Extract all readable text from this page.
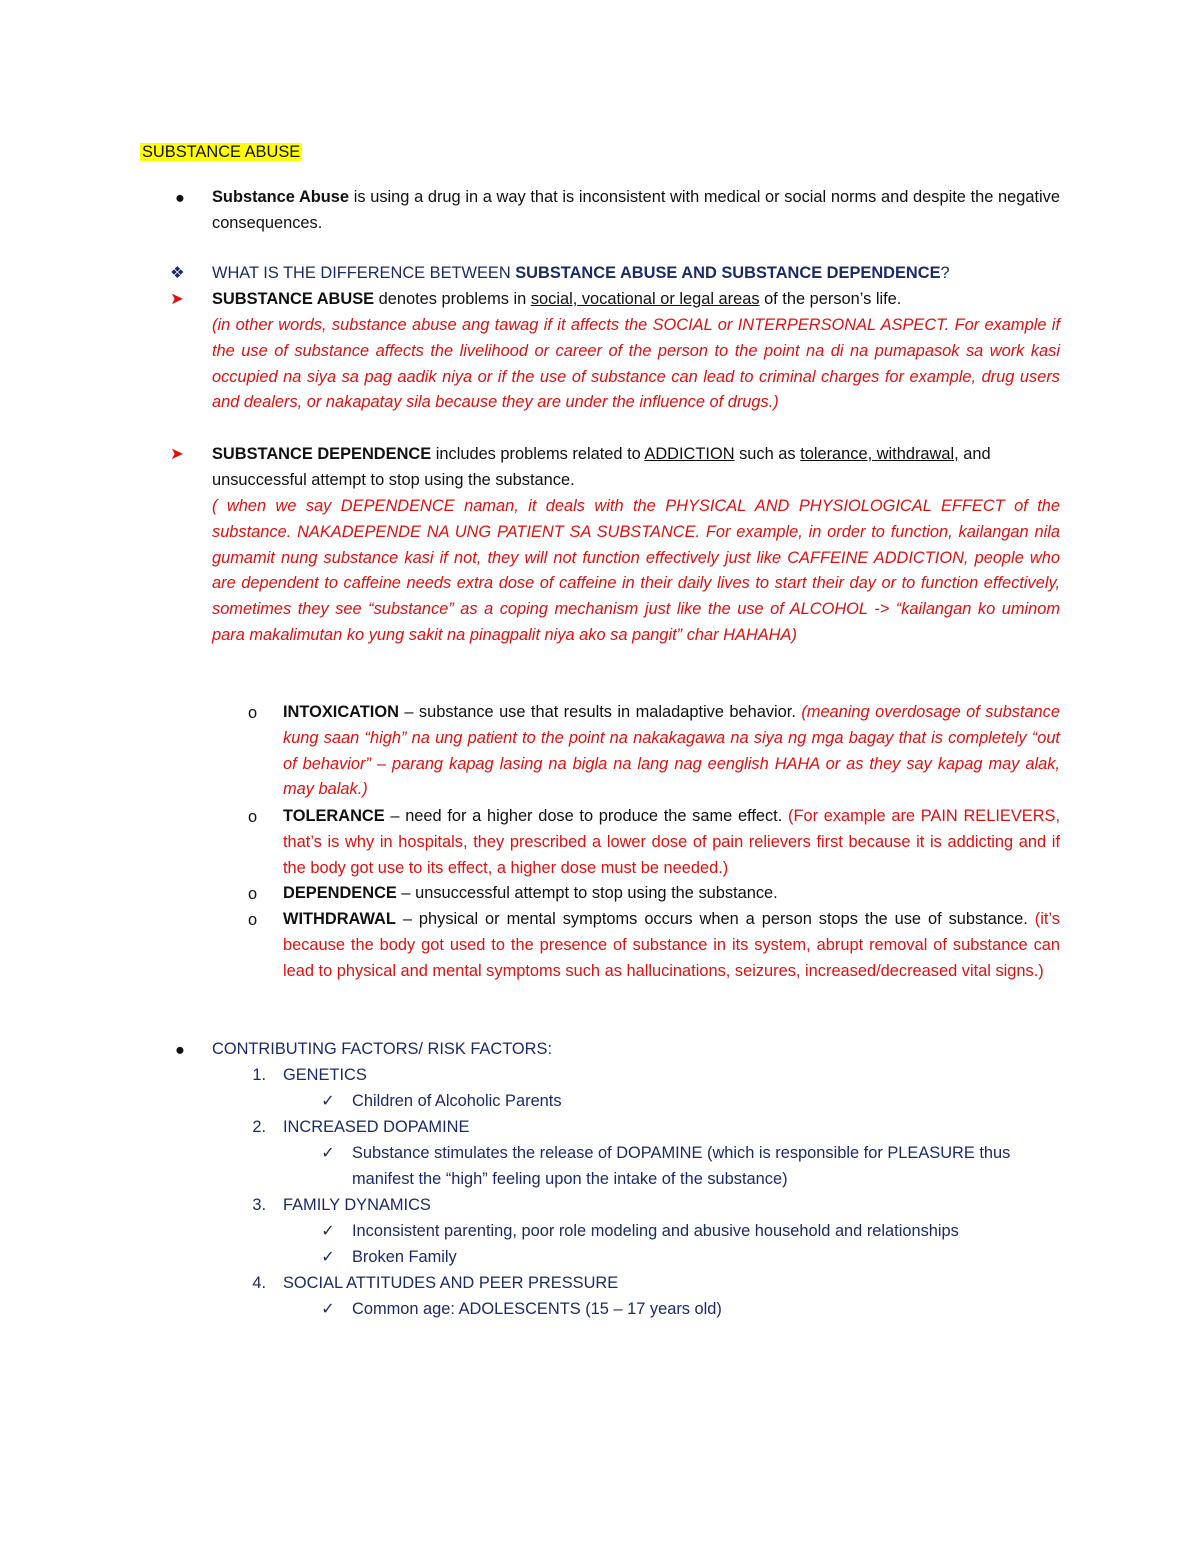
SUBSTANCE ABUSE
●	Substance Abuse is using a drug in a way that is inconsistent with medical or social norms and despite the negative consequences.
❖ WHAT IS THE DIFFERENCE BETWEEN SUBSTANCE ABUSE AND SUBSTANCE DEPENDENCE?
➤ SUBSTANCE ABUSE denotes problems in social, vocational or legal areas of the person’s life.
(in other words, substance abuse ang tawag if it affects the SOCIAL or INTERPERSONAL ASPECT. For example if the use of substance affects the livelihood or career of the person to the point na di na pumapasok sa work kasi occupied na siya sa pag aadik niya or if the use of substance can lead to criminal charges for example, drug users and dealers, or nakapatay sila because they are under the influence of drugs.)
➤ SUBSTANCE DEPENDENCE includes problems related to ADDICTION such as tolerance, withdrawal, and unsuccessful attempt to stop using the substance.
( when we say DEPENDENCE naman, it deals with the PHYSICAL AND PHYSIOLOGICAL EFFECT of the substance. NAKADEPENDE NA UNG PATIENT SA SUBSTANCE. For example, in order to function, kailangan nila gumamit nung substance kasi if not, they will not function effectively just like CAFFEINE ADDICTION, people who are dependent to caffeine needs extra dose of caffeine in their daily lives to start their day or to function effectively, sometimes they see “substance” as a coping mechanism just like the use of ALCOHOL -> “kailangan ko uminom para makalimutan ko yung sakit na pinagpalit niya ako sa pangit” char HAHAHA)
o INTOXICATION – substance use that results in maladaptive behavior. (meaning overdosage of substance kung saan “high” na ung patient to the point na nakakagawa na siya ng mga bagay that is completely “out of behavior” – parang kapag lasing na bigla na lang nag eenglish HAHA or as they say kapag may alak, may balak.)
o TOLERANCE – need for a higher dose to produce the same effect. (For example are PAIN RELIEVERS, that’s is why in hospitals, they prescribed a lower dose of pain relievers first because it is addicting and if the body got use to its effect, a higher dose must be needed.)
o DEPENDENCE – unsuccessful attempt to stop using the substance.
o WITHDRAWAL – physical or mental symptoms occurs when a person stops the use of substance. (it’s because the body got used to the presence of substance in its system, abrupt removal of substance can lead to physical and mental symptoms such as hallucinations, seizures, increased/decreased vital signs.)
●	CONTRIBUTING FACTORS/ RISK FACTORS:
1. GENETICS
✓ Children of Alcoholic Parents
2. INCREASED DOPAMINE
✓ Substance stimulates the release of DOPAMINE (which is responsible for PLEASURE thus manifest the “high” feeling upon the intake of the substance)
3. FAMILY DYNAMICS
✓ Inconsistent parenting, poor role modeling and abusive household and relationships
✓ Broken Family
4. SOCIAL ATTITUDES AND PEER PRESSURE
✓ Common age: ADOLESCENTS (15 – 17 years old)
